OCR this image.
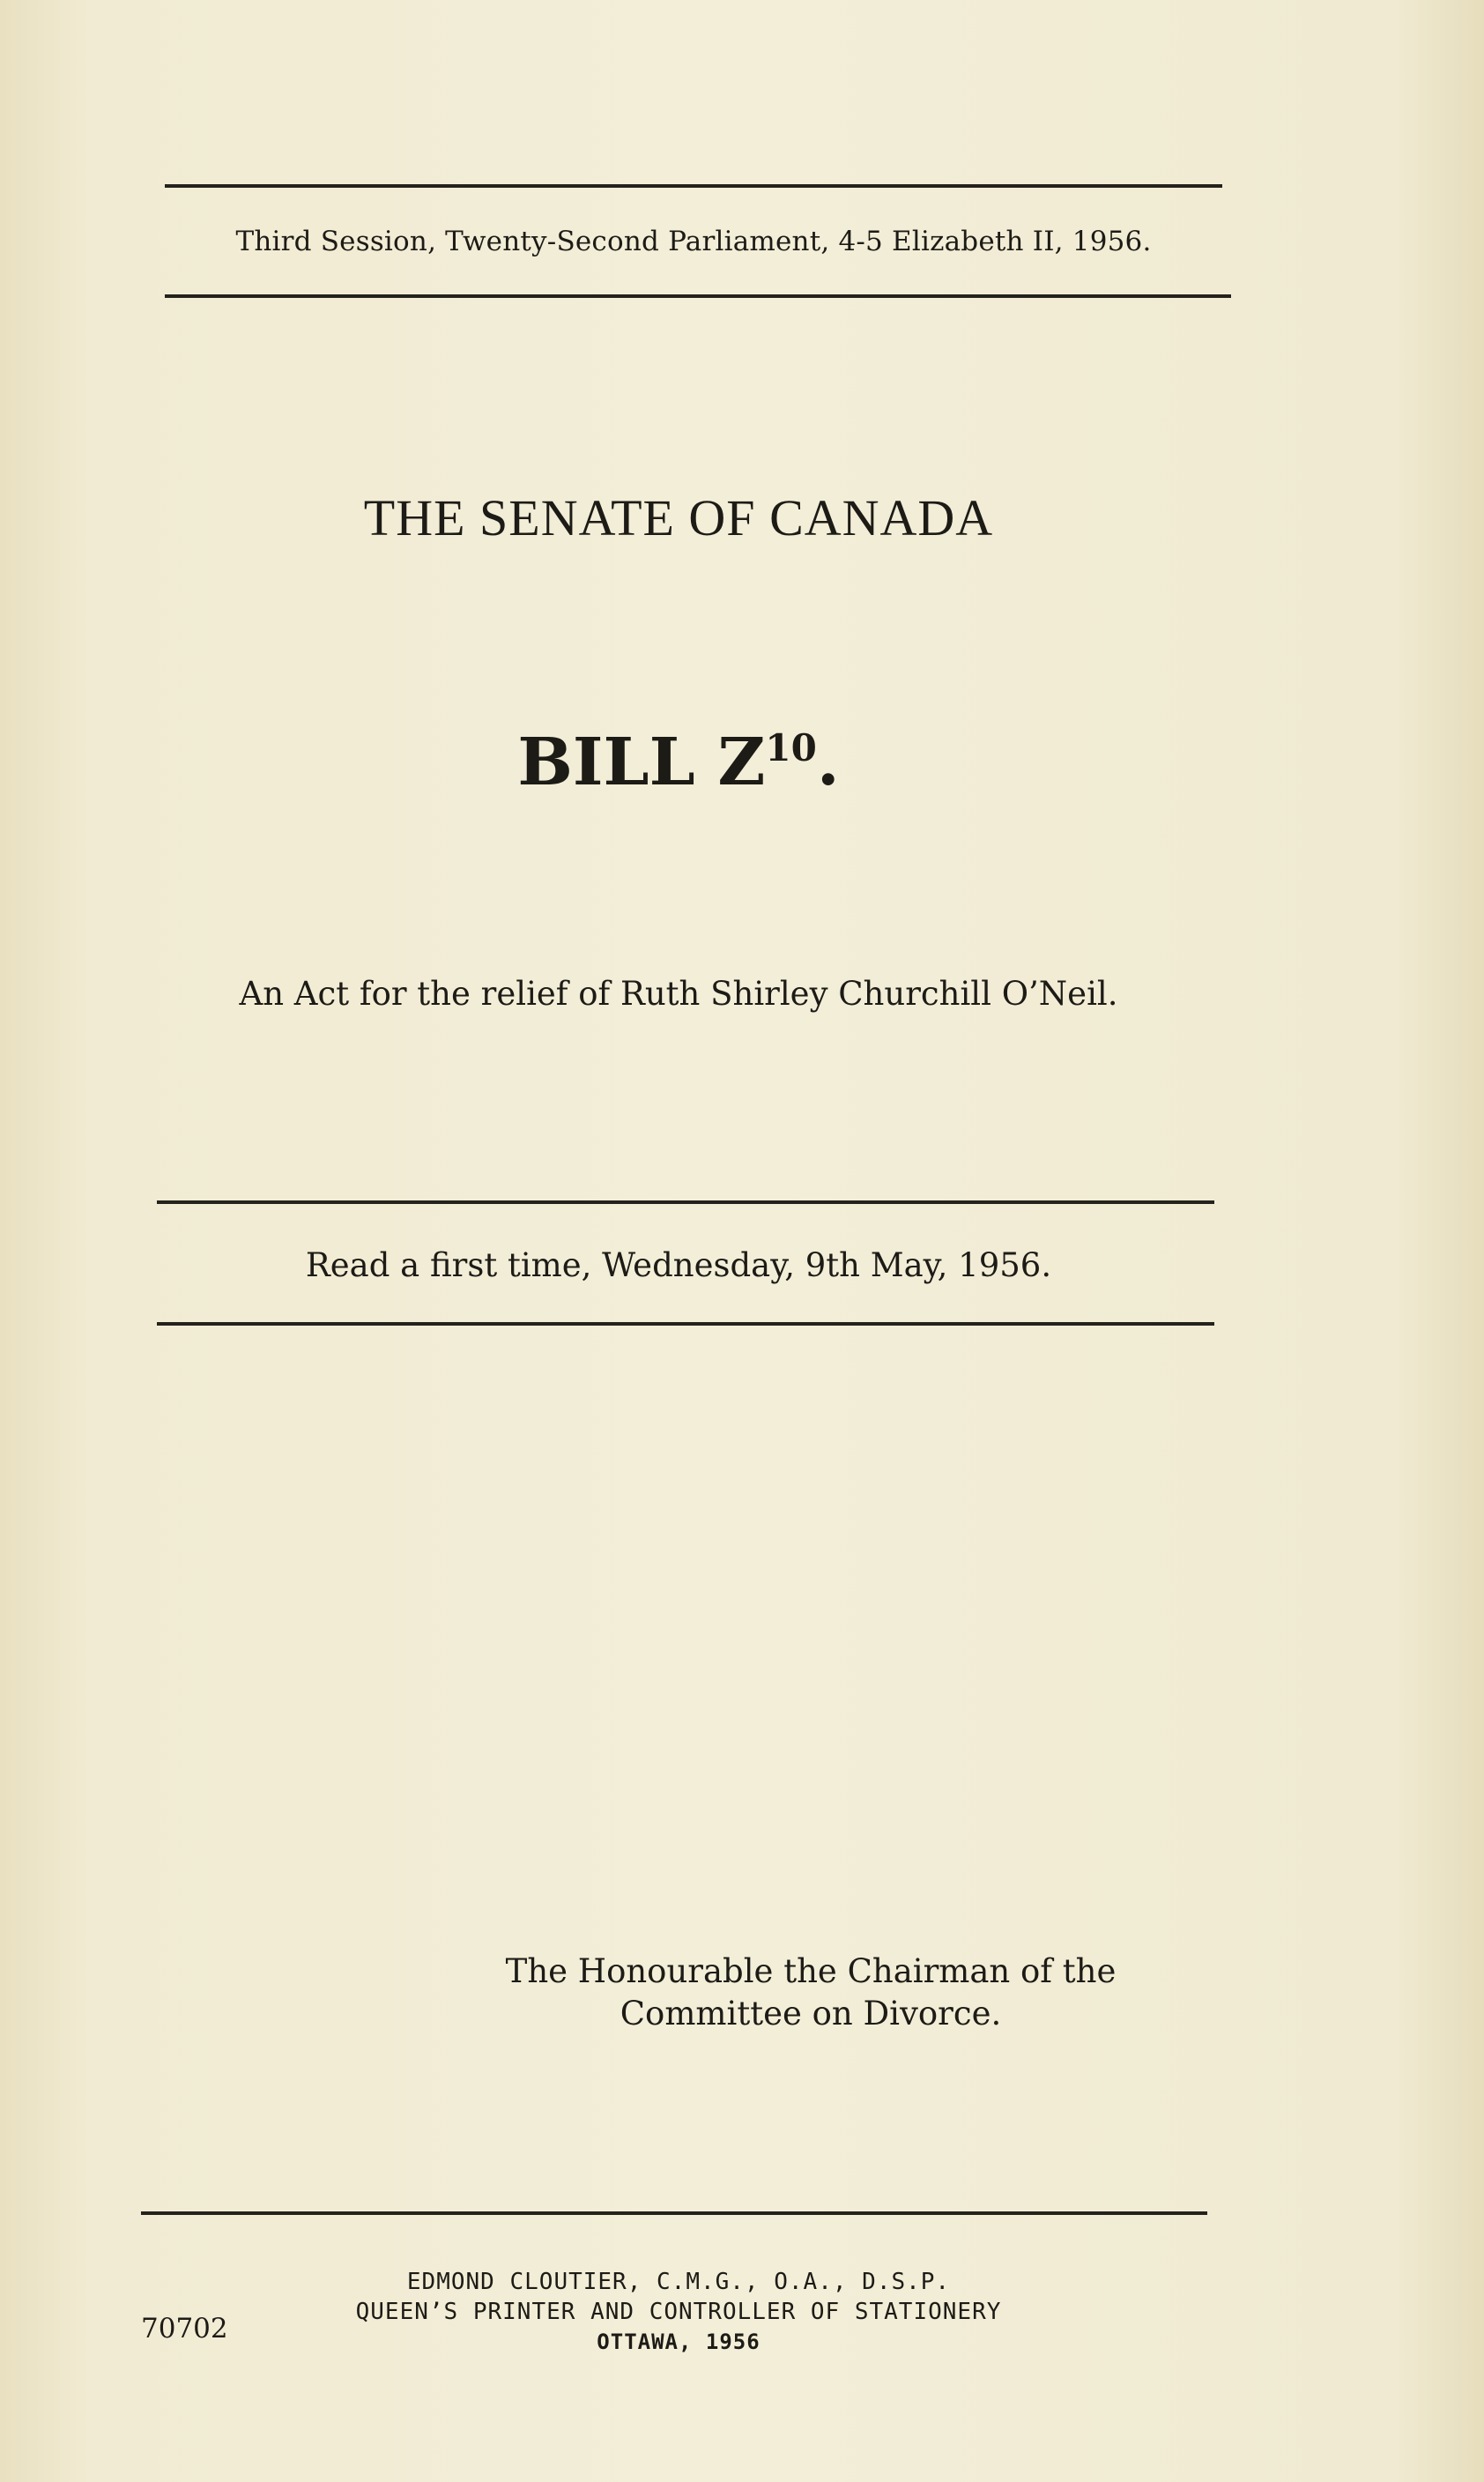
Third Session, Twenty-Second Parliament, 4-5 Elizabeth II, 1956.
THE SENATE OF CANADA
BILL $Z^{10}$.
An Act for the relief of Ruth Shirley Churchill O’Neil.
Read a first time, Wednesday, 9th May, 1956.
The Honourable the Chairman of the
Committee on Divorce.
70702
EDMOND CLOUTIER, C.M.G., O.A., D.S.P.
QUEEN’S PRINTER AND CONTROLLER OF STATIONERY
OTTAWA, 1956
